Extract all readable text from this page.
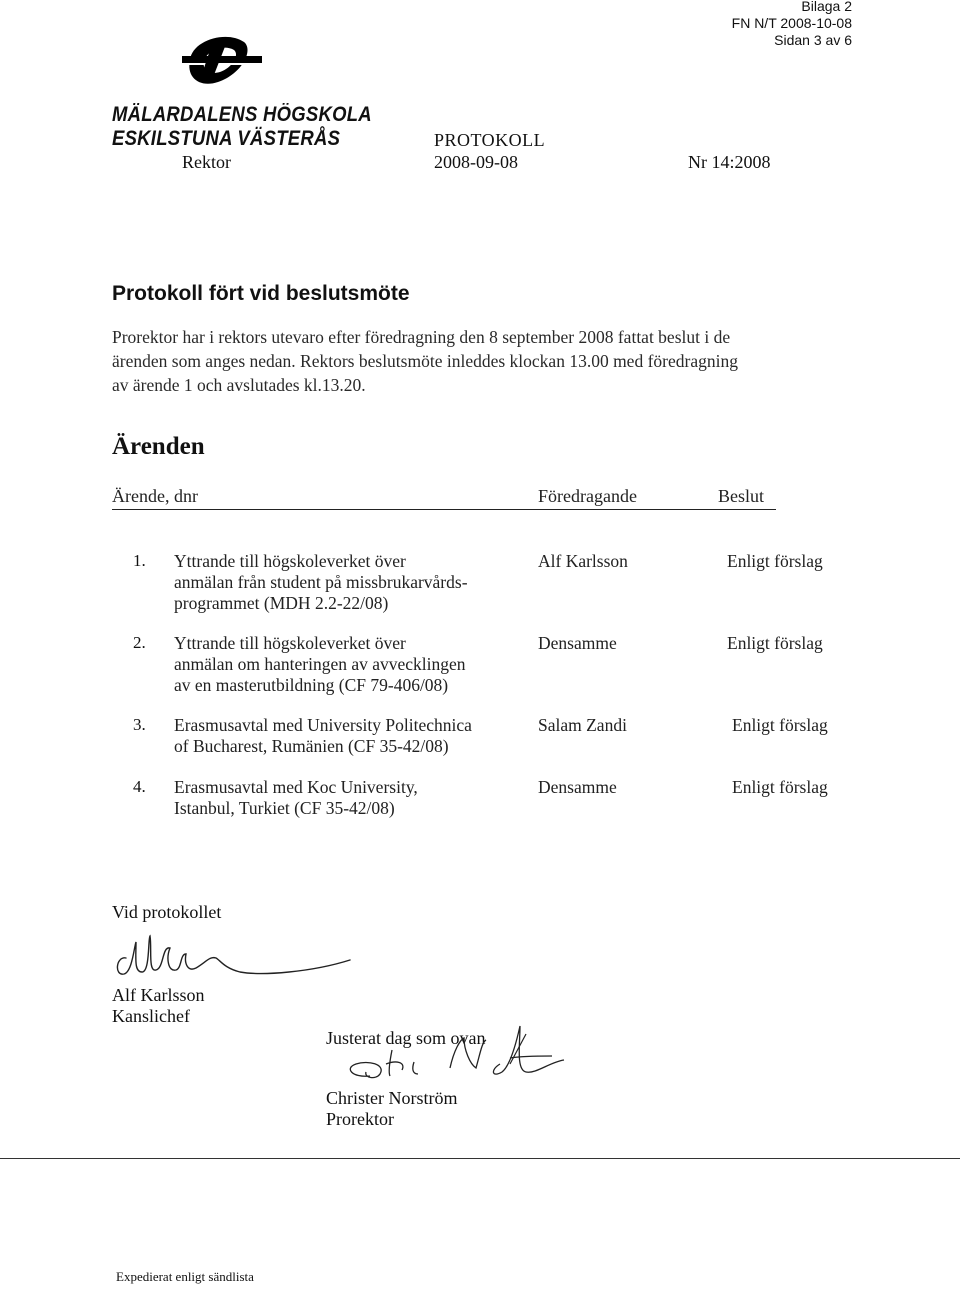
Bilaga 2
FN N/T 2008-10-08
Sidan 3 av 6
MÄLARDALENS HÖGSKOLA
ESKILSTUNA VÄSTERÅS
Rektor
PROTOKOLL
2008-09-08	Nr 14:2008
Protokoll fört vid beslutsmöte
Prorektor har i rektors utevaro efter föredragning den 8 september 2008 fattat beslut i de
ärenden som anges nedan. Rektors beslutsmöte inleddes klockan 13.00 med föredragning
av ärende 1 och avslutades kl.13.20.
Ärenden
Ärende, dnr	Föredragande	Beslut
1. Yttrande till högskoleverket över
anmälan från student på missbrukarvårds-
programmet (MDH 2.2-22/08)
Alf Karlsson	Enligt förslag
2. Yttrande till högskoleverket över
anmälan om hanteringen av avvecklingen
av en masterutbildning (CF 79-406/08)
Densamme	Enligt förslag
3. Erasmusavtal med University Politechnica
of Bucharest, Rumänien (CF 35-42/08)
Salam Zandi	Enligt förslag
4. Erasmusavtal med Koc University,
Istanbul, Turkiet (CF 35-42/08)
Densamme	Enligt förslag
Vid protokollet
Alf Karlsson
Kanslichef
Justerat dag som ovan
Christer Norström
Prorektor
Expedierat enligt sändlista
